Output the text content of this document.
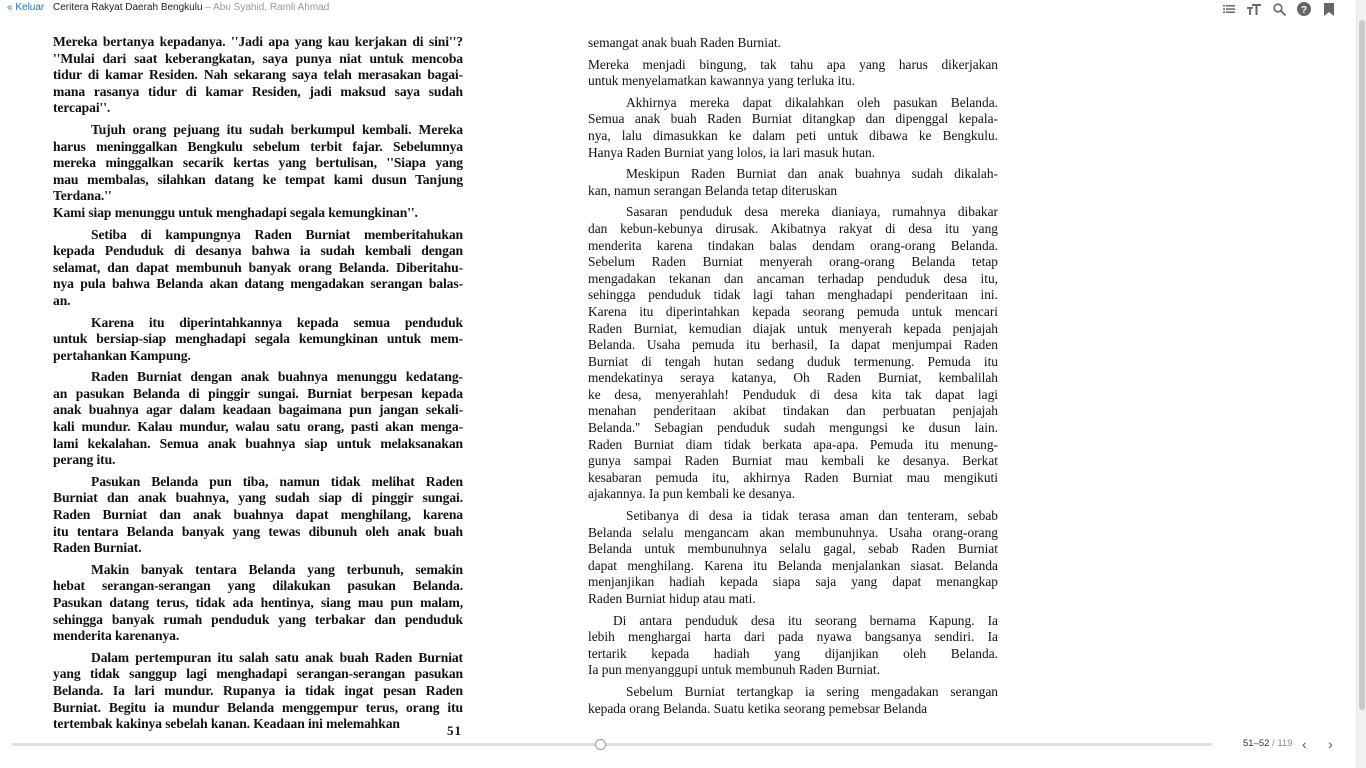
« Keluar Ceritera Rakyat Daerah Bengkulu – Abu Syahid, Ramli Ahmad	?
Mereka bertanya kepadanya. ''Jadi apa yang kau kerjakan di sini''?
''Mulai dari saat keberangkatan, saya punya niat untuk mencoba
tidur di kamar Residen. Nah sekarang saya telah merasakan bagai-
mana rasanya tidur di kamar Residen, jadi maksud saya sudah
tercapai''.
Tujuh orang pejuang itu sudah berkumpul kembali. Mereka
harus meninggalkan Bengkulu sebelum terbit fajar. Sebelumnya
mereka minggalkan secarik kertas yang bertulisan, ''Siapa yang
mau membalas, silahkan datang ke tempat kami dusun Tanjung
Terdana.''
Kami siap menunggu untuk menghadapi segala kemungkinan''.
Setiba di kampungnya Raden Burniat memberitahukan
kepada Penduduk di desanya bahwa ia sudah kembali dengan
selamat, dan dapat membunuh banyak orang Belanda. Diberitahu-
nya pula bahwa Belanda akan datang mengadakan serangan balas-
an.
Karena itu diperintahkannya kepada semua penduduk
untuk bersiap-siap menghadapi segala kemungkinan untuk mem-
pertahankan Kampung.
Raden Burniat dengan anak buahnya menunggu kedatang-
an pasukan Belanda di pinggir sungai. Burniat berpesan kepada
anak buahnya agar dalam keadaan bagaimana pun jangan sekali-
kali mundur. Kalau mundur, walau satu orang, pasti akan menga-
lami kekalahan. Semua anak buahnya siap untuk melaksanakan
perang itu.
Pasukan Belanda pun tiba, namun tidak melihat Raden
Burniat dan anak buahnya, yang sudah siap di pinggir sungai.
Raden Burniat dan anak buahnya dapat menghilang, karena
itu tentara Belanda banyak yang tewas dibunuh oleh anak buah
Raden Burniat.
Makin banyak tentara Belanda yang terbunuh, semakin
hebat serangan-serangan yang dilakukan pasukan Belanda.
Pasukan datang terus, tidak ada hentinya, siang mau pun malam,
sehingga banyak rumah penduduk yang terbakar dan penduduk
menderita karenanya.
Dalam pertempuran itu salah satu anak buah Raden Burniat
yang tidak sanggup lagi menghadapi serangan-serangan pasukan
Belanda. Ia lari mundur. Rupanya ia tidak ingat pesan Raden
Burniat. Begitu ia mundur Belanda menggempur terus, orang itu
tertembak kakinya sebelah kanan. Keadaan ini melemahkan
semangat anak buah Raden Burniat.
Mereka menjadi bingung, tak tahu apa yang harus dikerjakan
untuk menyelamatkan kawannya yang terluka itu.
Akhirnya mereka dapat dikalahkan oleh pasukan Belanda.
Semua anak buah Raden Burniat ditangkap dan dipenggal kepala-
nya, lalu dimasukkan ke dalam peti untuk dibawa ke Bengkulu.
Hanya Raden Burniat yang lolos, ia lari masuk hutan.
Meskipun Raden Burniat dan anak buahnya sudah dikalah-
kan, namun serangan Belanda tetap diteruskan
Sasaran penduduk desa mereka dianiaya, rumahnya dibakar
dan kebun-kebunya dirusak. Akibatnya rakyat di desa itu yang
menderita karena tindakan balas dendam orang-orang Belanda.
Sebelum Raden Burniat menyerah orang-orang Belanda tetap
mengadakan tekanan dan ancaman terhadap penduduk desa itu,
sehingga penduduk tidak lagi tahan menghadapi penderitaan ini.
Karena itu diperintahkan kepada seorang pemuda untuk mencari
Raden Burniat, kemudian diajak untuk menyerah kepada penjajah
Belanda. Usaha pemuda itu berhasil, Ia dapat menjumpai Raden
Burniat di tengah hutan sedang duduk termenung. Pemuda itu
mendekatinya seraya katanya, Oh Raden Burniat, kembalilah
ke desa, menyerahlah! Penduduk di desa kita tak dapat lagi
menahan penderitaan akibat tindakan dan perbuatan penjajah
Belanda.'' Sebagian penduduk sudah mengungsi ke dusun lain.
Raden Burniat diam tidak berkata apa-apa. Pemuda itu menung-
gunya sampai Raden Burniat mau kembali ke desanya. Berkat
kesabaran pemuda itu, akhirnya Raden Burniat mau mengikuti
ajakannya. Ia pun kembali ke desanya.
Setibanya di desa ia tidak terasa aman dan tenteram, sebab
Belanda selalu mengancam akan membunuhnya. Usaha orang-orang
Belanda untuk membunuhnya selalu gagal, sebab Raden Burniat
dapat menghilang. Karena itu Belanda menjalankan siasat. Belanda
menjanjikan hadiah kepada siapa saja yang dapat menangkap
Raden Burniat hidup atau mati.
Di antara penduduk desa itu seorang bernama Kapung. Ia
lebih menghargai harta dari pada nyawa bangsanya sendiri. Ia
tertarik kepada hadiah yang dijanjikan oleh Belanda.
Ia pun menyanggupi untuk membunuh Raden Burniat.
Sebelum Burniat tertangkap ia sering mengadakan serangan
kepada orang Belanda. Suatu ketika seorang pemebsar Belanda
51
51–52 / 119 ‹ ›
